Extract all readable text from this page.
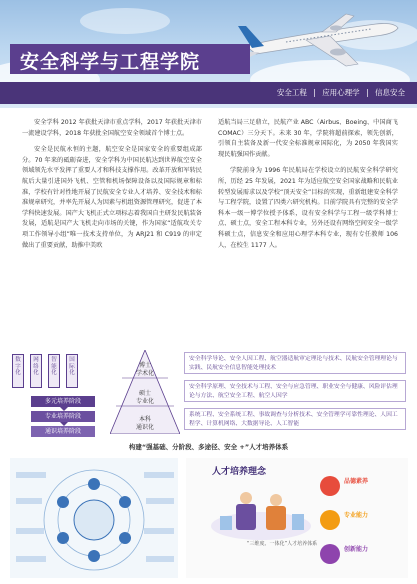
安全科学与工程学院
安全工程 | 应用心理学 | 信息安全

安全学科 2012 年获批天津市重点学科，2017 年获批天津市一流建设学科，2018 年获批全国航空安全领域首个博士点。

安全是民航永恒的主题，航空安全是国家安全的重要组成部分。70 年来的砥砺奋进，安全学科为中国民航达到世界航空安全领域领先水平发挥了重要人才和科技支撑作用。改革开放和军转民航后大量引进国外飞机、空管和机场保障设备以及国际规章和标准，学校有针对性地开展了民航安全专业人才培养、安全技术和标准规章研究，并率先开展人为因素与机组资源管理研究，促进了本学科快速发展。国产大飞机正式立项标志着我国自主研发民航装备发展，适航是国产大飞机走向市场的关键，作为国家“适航攻关专项工作领导小组”唯一技术支持单位，为 ARJ21 和 C919 的审定做出了重要贡献，助推中美欧

适航当局三足鼎立，民航产业 ABC（Airbus、Boeing、中国商飞 COMAC）三分天下。未来 30 年，学院将超前探索，领先创新，引领自主装备及新一代安全标准规章国际化，为 2050 年我国实现民航强国作贡献。

学院前身为 1996 年民航局在学校设立的民航安全科学研究所，历经 25 年发展，2021 年为适应航空安全国家战略和民航业转型发展需求以及学校“顶天安全”目标的实现，重新组建安全科学与工程学院，设置了四类六研究机构。目前学院具有完整的安全学科本一级一博学位授予体系，设有安全科学与工程一级学科博士点、硕士点，安全工程本科专业，另外还设有网络空间安全一级学科硕士点，信息安全和应用心理学本科专业，现有专任教师 106 人，在校生 1177 人。

数字化
网络化
智能化
国际化
多元培养阶段
专业培养阶段
通识培养阶段
博士
学术化
硕士
专业化
本科
通识化
安全科学导论、安全人因工程、航空器适航审定理论与技术、民航安全管理理论与实践、民航安全信息智能处理技术
安全科学原理、安全技术与工程、安全与应急管理、职业安全与健康、风险评估理论与方法、航空安全工程、航空人因学
系统工程、安全系统工程、事故调查与分析技术、安全管理学可靠性理论、人因工程学、计算机网络、大数据导论、人工智能
构建“强基础、分阶段、多途径、安全 +”人才培养体系
人才培养理念
“三维度、一体化”人才培养体系
品德素养
专业能力
创新能力
